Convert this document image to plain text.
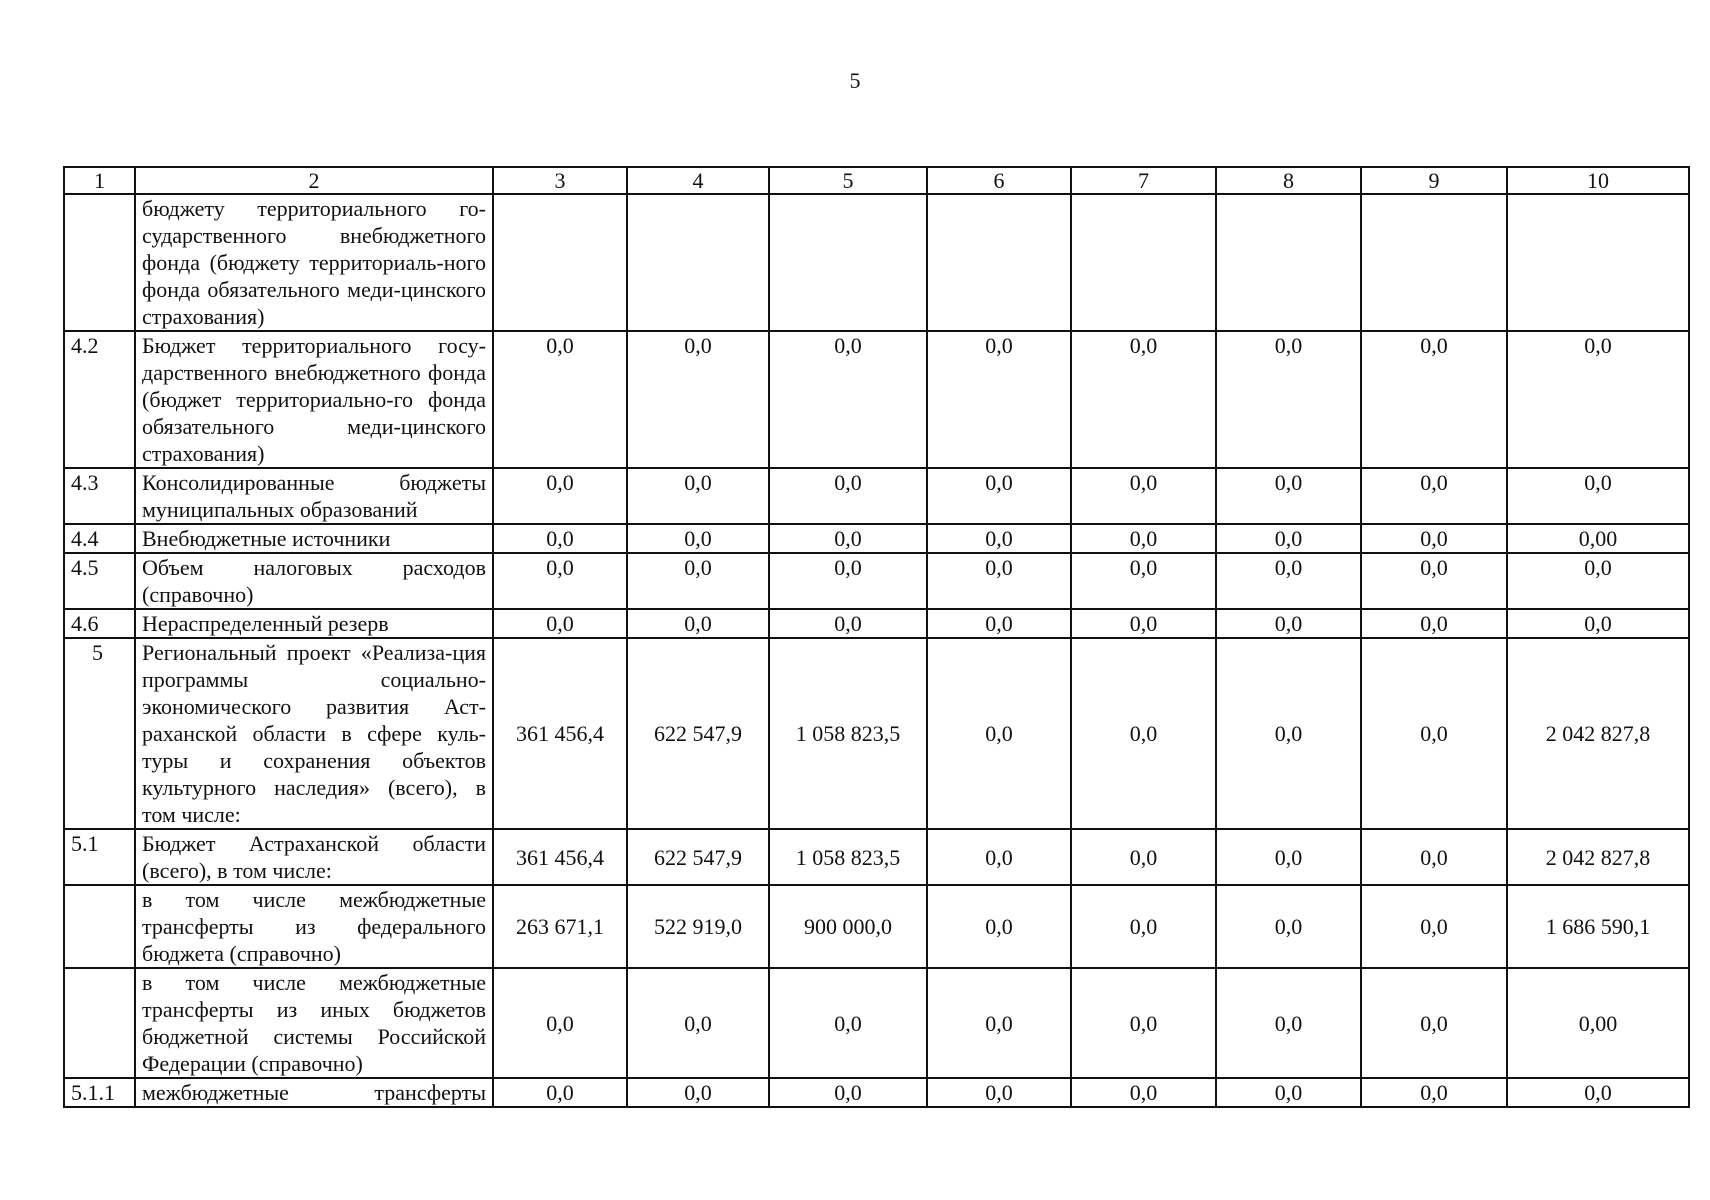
5
1	2	3	4	5	6	7	8	9	10
	бюджету территориального го-сударственного внебюджетного фонда (бюджету территориаль-ного фонда обязательного меди-цинского страхования)								
4.2	Бюджет территориального госу-дарственного внебюджетного фонда (бюджет территориально-го фонда обязательного меди-цинского страхования)	0,0	0,0	0,0	0,0	0,0	0,0	0,0	0,0
4.3	Консолидированные бюджеты муниципальных образований	0,0	0,0	0,0	0,0	0,0	0,0	0,0	0,0
4.4	Внебюджетные источники	0,0	0,0	0,0	0,0	0,0	0,0	0,0	0,00
4.5	Объем налоговых расходов (справочно)	0,0	0,0	0,0	0,0	0,0	0,0	0,0	0,0
4.6	Нераспределенный резерв	0,0	0,0	0,0	0,0	0,0	0,0	0,0	0,0
5	Региональный проект «Реализа-ция программы социально-экономического развития Аст-раханской области в сфере куль-туры и сохранения объектов культурного наследия» (всего), в том числе:	361 456,4	622 547,9	1 058 823,5	0,0	0,0	0,0	0,0	2 042 827,8
5.1	Бюджет Астраханской области (всего), в том числе:	361 456,4	622 547,9	1 058 823,5	0,0	0,0	0,0	0,0	2 042 827,8
	в том числе межбюджетные трансферты из федерального бюджета (справочно)	263 671,1	522 919,0	900 000,0	0,0	0,0	0,0	0,0	1 686 590,1
	в том числе межбюджетные трансферты из иных бюджетов бюджетной системы Российской Федерации (справочно)	0,0	0,0	0,0	0,0	0,0	0,0	0,0	0,00
5.1.1	межбюджетные трансферты	0,0	0,0	0,0	0,0	0,0	0,0	0,0	0,0
